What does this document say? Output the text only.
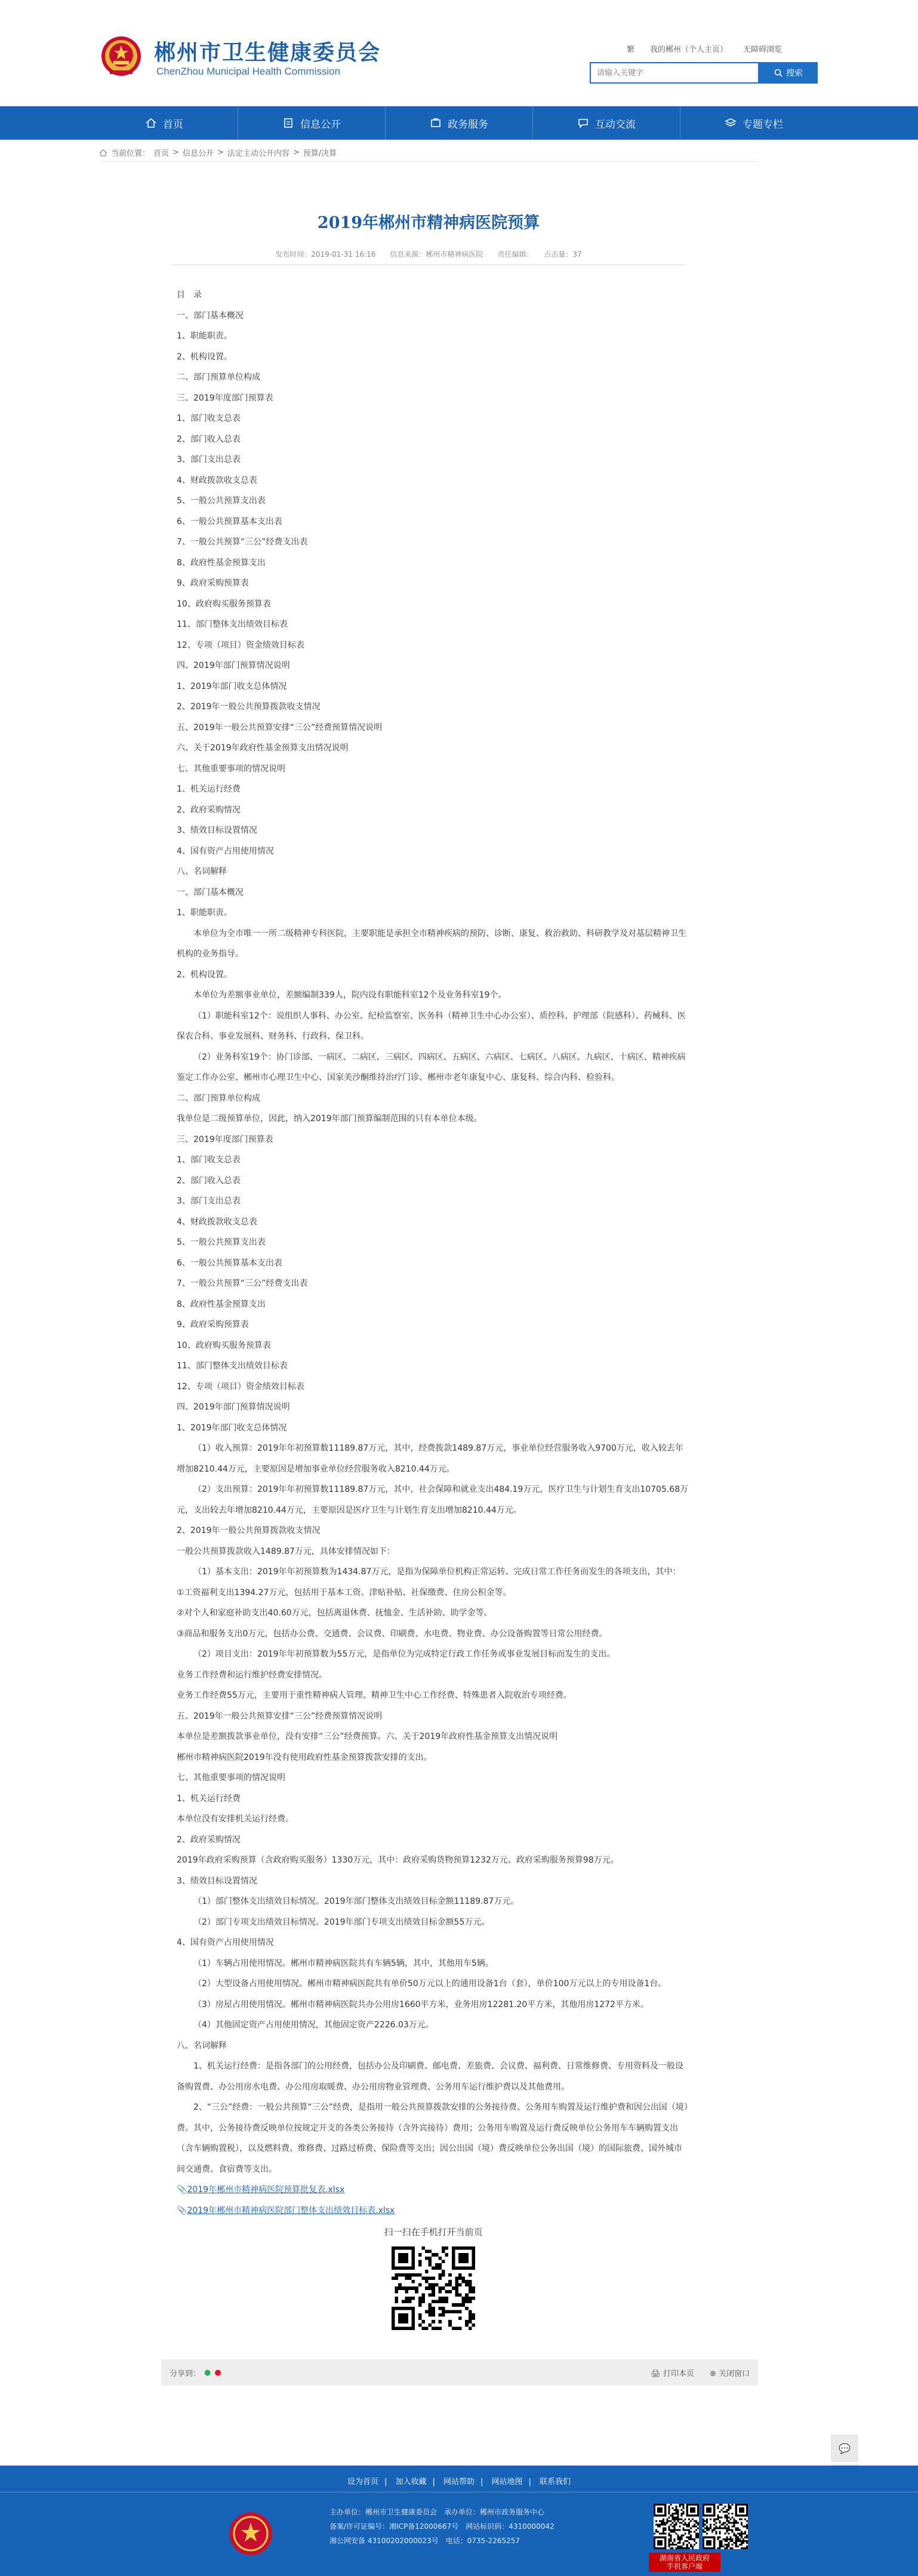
郴州市卫生健康委员会
ChenZhou Municipal Health Commission
繁 我的郴州（个人主页） 无障碍浏览
请输入关键字
搜索
首页	信息公开	政务服务	互动交流	专题专栏
当前位置： 首页 > 信息公开 > 法定主动公开内容 > 预算/决算
2019年郴州市精神病医院预算
发布时间：2019-01-31 16:16　　信息来源：郴州市精神病医院　　责任编辑：　　点击量：37

目　录

一、部门基本概况

1、职能职责。

2、机构设置。

二、部门预算单位构成

三、2019年度部门预算表

1、部门收支总表

2、部门收入总表

3、部门支出总表

4、财政拨款收支总表

5、一般公共预算支出表

6、一般公共预算基本支出表

7、一般公共预算“三公”经费支出表

8、政府性基金预算支出

9、政府采购预算表

10、政府购买服务预算表

11、部门整体支出绩效目标表

12、专项（项目）资金绩效目标表

四、2019年部门预算情况说明

1、2019年部门收支总体情况

2、2019年一般公共预算拨款收支情况

五、2019年一般公共预算安排“三公”经费预算情况说明

六、关于2019年政府性基金预算支出情况说明

七、其他重要事项的情况说明

1、机关运行经费

2、政府采购情况

3、绩效目标设置情况

4、国有资产占用使用情况

八、名词解释

一、部门基本概况

1、职能职责。

本单位为全市唯一一所二级精神专科医院，主要职能是承担全市精神疾病的预防、诊断、康复、救治救助、科研教学及对基层精神卫生机构的业务指导。

2、机构设置。

本单位为差额事业单位，差额编制339人，院内设有职能科室12个及业务科室19个。

（1）职能科室12个：说组织人事科、办公室、纪检监察室、医务科（精神卫生中心办公室）、质控科、护理部（院感科）、药械科、医保农合科、事业发展科、财务科、行政科、保卫科。

（2）业务科室19个：协门诊部、一病区、二病区、三病区、四病区、五病区、六病区、七病区、八病区、九病区、十病区、精神疾病鉴定工作办公室、郴州市心理卫生中心、国家美沙酮维持治疗门诊、郴州市老年康复中心、康复科、综合内科、检验科。

二、部门预算单位构成

我单位是二级预算单位，因此，纳入2019年部门预算编制范围的只有本单位本级。

三、2019年度部门预算表

1、部门收支总表

2、部门收入总表

3、部门支出总表

4、财政拨款收支总表

5、一般公共预算支出表

6、一般公共预算基本支出表

7、一般公共预算“三公”经费支出表

8、政府性基金预算支出

9、政府采购预算表

10、政府购买服务预算表

11、部门整体支出绩效目标表

12、专项（项目）资金绩效目标表

四、2019年部门预算情况说明

1、2019年部门收支总体情况

（1）收入预算：2019年年初预算数11189.87万元，其中，经费拨款1489.87万元，事业单位经营服务收入9700万元，收入较去年增加8210.44万元，主要原因是增加事业单位经营服务收入8210.44万元。

（2）支出预算：2019年年初预算数11189.87万元，其中，社会保障和就业支出484.19万元，医疗卫生与计划生育支出10705.68万元，支出较去年增加8210.44万元，主要原因是医疗卫生与计划生育支出增加8210.44万元。

2、2019年一般公共预算拨款收支情况

一般公共预算拨款收入1489.87万元，具体安排情况如下：

（1）基本支出：2019年年初预算数为1434.87万元，是指为保障单位机构正常运转、完成日常工作任务而发生的各项支出，其中：

①工资福利支出1394.27万元，包括用于基本工资、津贴补贴、社保缴费、住房公积金等。

②对个人和家庭补助支出40.60万元，包括离退休费、抚恤金、生活补助、助学金等。

③商品和服务支出0万元，包括办公费、交通费、会议费、印刷费、水电费、物业费、办公设备购置等日常公用经费。

（2）项目支出：2019年年初预算数为55万元，是指单位为完成特定行政工作任务或事业发展目标而发生的支出。

业务工作经费和运行维护经费安排情况。

业务工作经费55万元，主要用于重性精神病人管理、精神卫生中心工作经费、特殊患者入院收治专项经费。

五、2019年一般公共预算安排“三公”经费预算情况说明

本单位是差额拨款事业单位，没有安排“三公”经费预算。六、关于2019年政府性基金预算支出情况说明

郴州市精神病医院2019年没有使用政府性基金预算拨款安排的支出。

七、其他重要事项的情况说明

1、机关运行经费

本单位没有安排机关运行经费。

2、政府采购情况

2019年政府采购预算（含政府购买服务）1330万元，其中：政府采购货物预算1232万元、政府采购服务预算98万元。

3、绩效目标设置情况

（1）部门整体支出绩效目标情况。2019年部门整体支出绩效目标金额11189.87万元。

（2）部门专项支出绩效目标情况。2019年部门专项支出绩效目标金额55万元。

4、国有资产占用使用情况

（1）车辆占用使用情况。郴州市精神病医院共有车辆5辆，其中，其他用车5辆。

（2）大型设备占用使用情况。郴州市精神病医院共有单价50万元以上的通用设备1台（套），单价100万元以上的专用设备1台。

（3）房屋占用使用情况。郴州市精神病医院共办公用房1660平方米，业务用房12281.20平方米，其他用房1272平方米。

（4）其他固定资产占用使用情况，其他固定资产2226.03万元。

八、名词解释

1、机关运行经费：是指各部门的公用经费，包括办公及印刷费、邮电费、差旅费、会议费、福利费、日常维修费、专用资料及一般设备购置费、办公用房水电费、办公用房取暖费、办公用房物业管理费、公务用车运行维护费以及其他费用。

2、“三公”经费：一般公共预算“三公”经费，是指用一般公共预算拨款安排的公务接待费、公务用车购置及运行维护费和因公出国（境）费。其中，公务接待费反映单位按规定开支的各类公务接待（含外宾接待）费用；公务用车购置及运行费反映单位公务用车车辆购置支出（含车辆购置税），以及燃料费、维修费、过路过桥费、保险费等支出；因公出国（境）费反映单位公务出国（境）的国际旅费、国外城市间交通费、食宿费等支出。

📎2019年郴州市精神病医院预算批复表.xlsx

📎2019年郴州市精神病医院部门整体支出绩效目标表.xlsx

扫一扫在手机打开当前页
分享到： ● ●	🖨 打印本页 ⊗ 关闭窗口
💬
设为首页 | 加入收藏 | 网站帮助 | 网站地图 | 联系我们
主办单位：郴州市卫生健康委员会　承办单位：郴州市政务服务中心
备案/许可证编号：湘ICP备12000667号　网站标识码：4310000042　
湘公网安备 43100202000023号　电话：0735-2265257
湖南省人民政府
手机客户端
